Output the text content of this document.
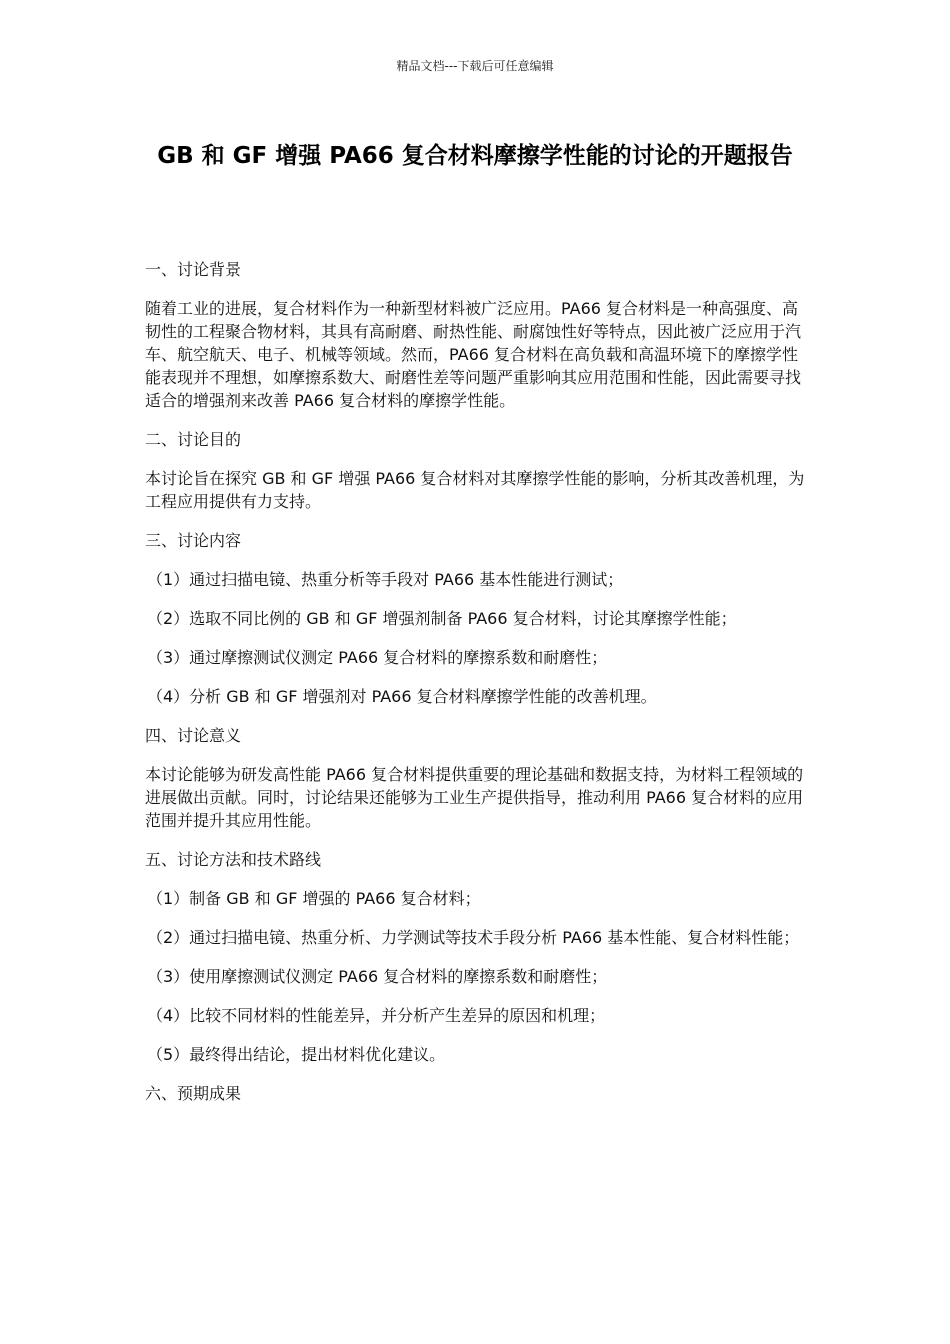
精品文档---下载后可任意编辑
GB 和 GF 增强 PA66 复合材料摩擦学性能的讨论的开题报告
一、讨论背景
随着工业的进展，复合材料作为一种新型材料被广泛应用。PA66 复合材料是一种高强度、高韧性的工程聚合物材料，其具有高耐磨、耐热性能、耐腐蚀性好等特点，因此被广泛应用于汽车、航空航天、电子、机械等领域。然而，PA66 复合材料在高负载和高温环境下的摩擦学性能表现并不理想，如摩擦系数大、耐磨性差等问题严重影响其应用范围和性能，因此需要寻找适合的增强剂来改善 PA66 复合材料的摩擦学性能。
二、讨论目的
本讨论旨在探究 GB 和 GF 增强 PA66 复合材料对其摩擦学性能的影响，分析其改善机理，为工程应用提供有力支持。
三、讨论内容
（1）通过扫描电镜、热重分析等手段对 PA66 基本性能进行测试；
（2）选取不同比例的 GB 和 GF 增强剂制备 PA66 复合材料，讨论其摩擦学性能；
（3）通过摩擦测试仪测定 PA66 复合材料的摩擦系数和耐磨性；
（4）分析 GB 和 GF 增强剂对 PA66 复合材料摩擦学性能的改善机理。
四、讨论意义
本讨论能够为研发高性能 PA66 复合材料提供重要的理论基础和数据支持，为材料工程领域的进展做出贡献。同时，讨论结果还能够为工业生产提供指导，推动利用 PA66 复合材料的应用范围并提升其应用性能。
五、讨论方法和技术路线
（1）制备 GB 和 GF 增强的 PA66 复合材料；
（2）通过扫描电镜、热重分析、力学测试等技术手段分析 PA66 基本性能、复合材料性能；
（3）使用摩擦测试仪测定 PA66 复合材料的摩擦系数和耐磨性；
（4）比较不同材料的性能差异，并分析产生差异的原因和机理；
（5）最终得出结论，提出材料优化建议。
六、预期成果
